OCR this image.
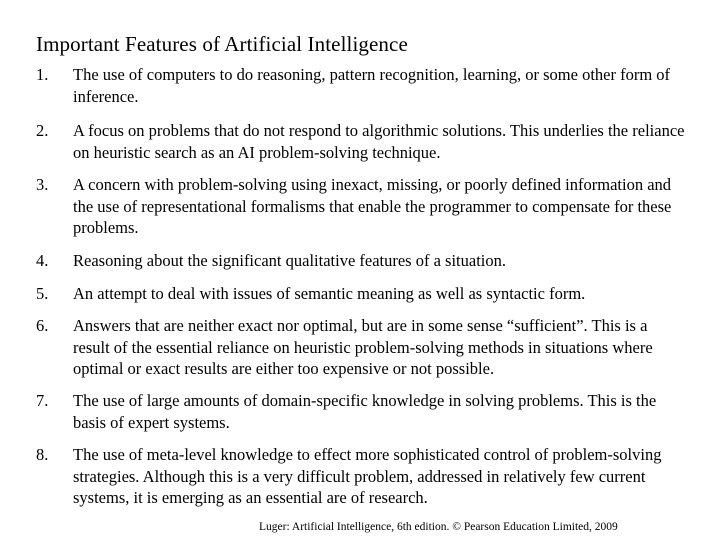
Important Features of Artificial Intelligence
1.	The use of computers to do reasoning, pattern recognition, learning, or some other form of inference.
2.	A focus on problems that do not respond to algorithmic solutions. This underlies the reliance on heuristic search as an AI problem-solving technique.
3.	A concern with problem-solving using inexact, missing, or poorly defined information and the use of representational formalisms that enable the programmer to compensate for these problems.
4.	Reasoning about the significant qualitative features of a situation.
5.	An attempt to deal with issues of semantic meaning as well as syntactic form.
6.	Answers that are neither exact nor optimal, but are in some sense “sufficient”. This is a result of the essential reliance on heuristic problem-solving methods in situations where optimal or exact results are either too expensive or not possible.
7.	The use of large amounts of domain-specific knowledge in solving problems. This is the basis of expert systems.
8.	The use of meta-level knowledge to effect more sophisticated control of problem-solving strategies. Although this is a very difficult problem, addressed in relatively few current systems, it is emerging as an essential are of research.
Luger: Artificial Intelligence, 6th edition. © Pearson Education Limited, 2009
